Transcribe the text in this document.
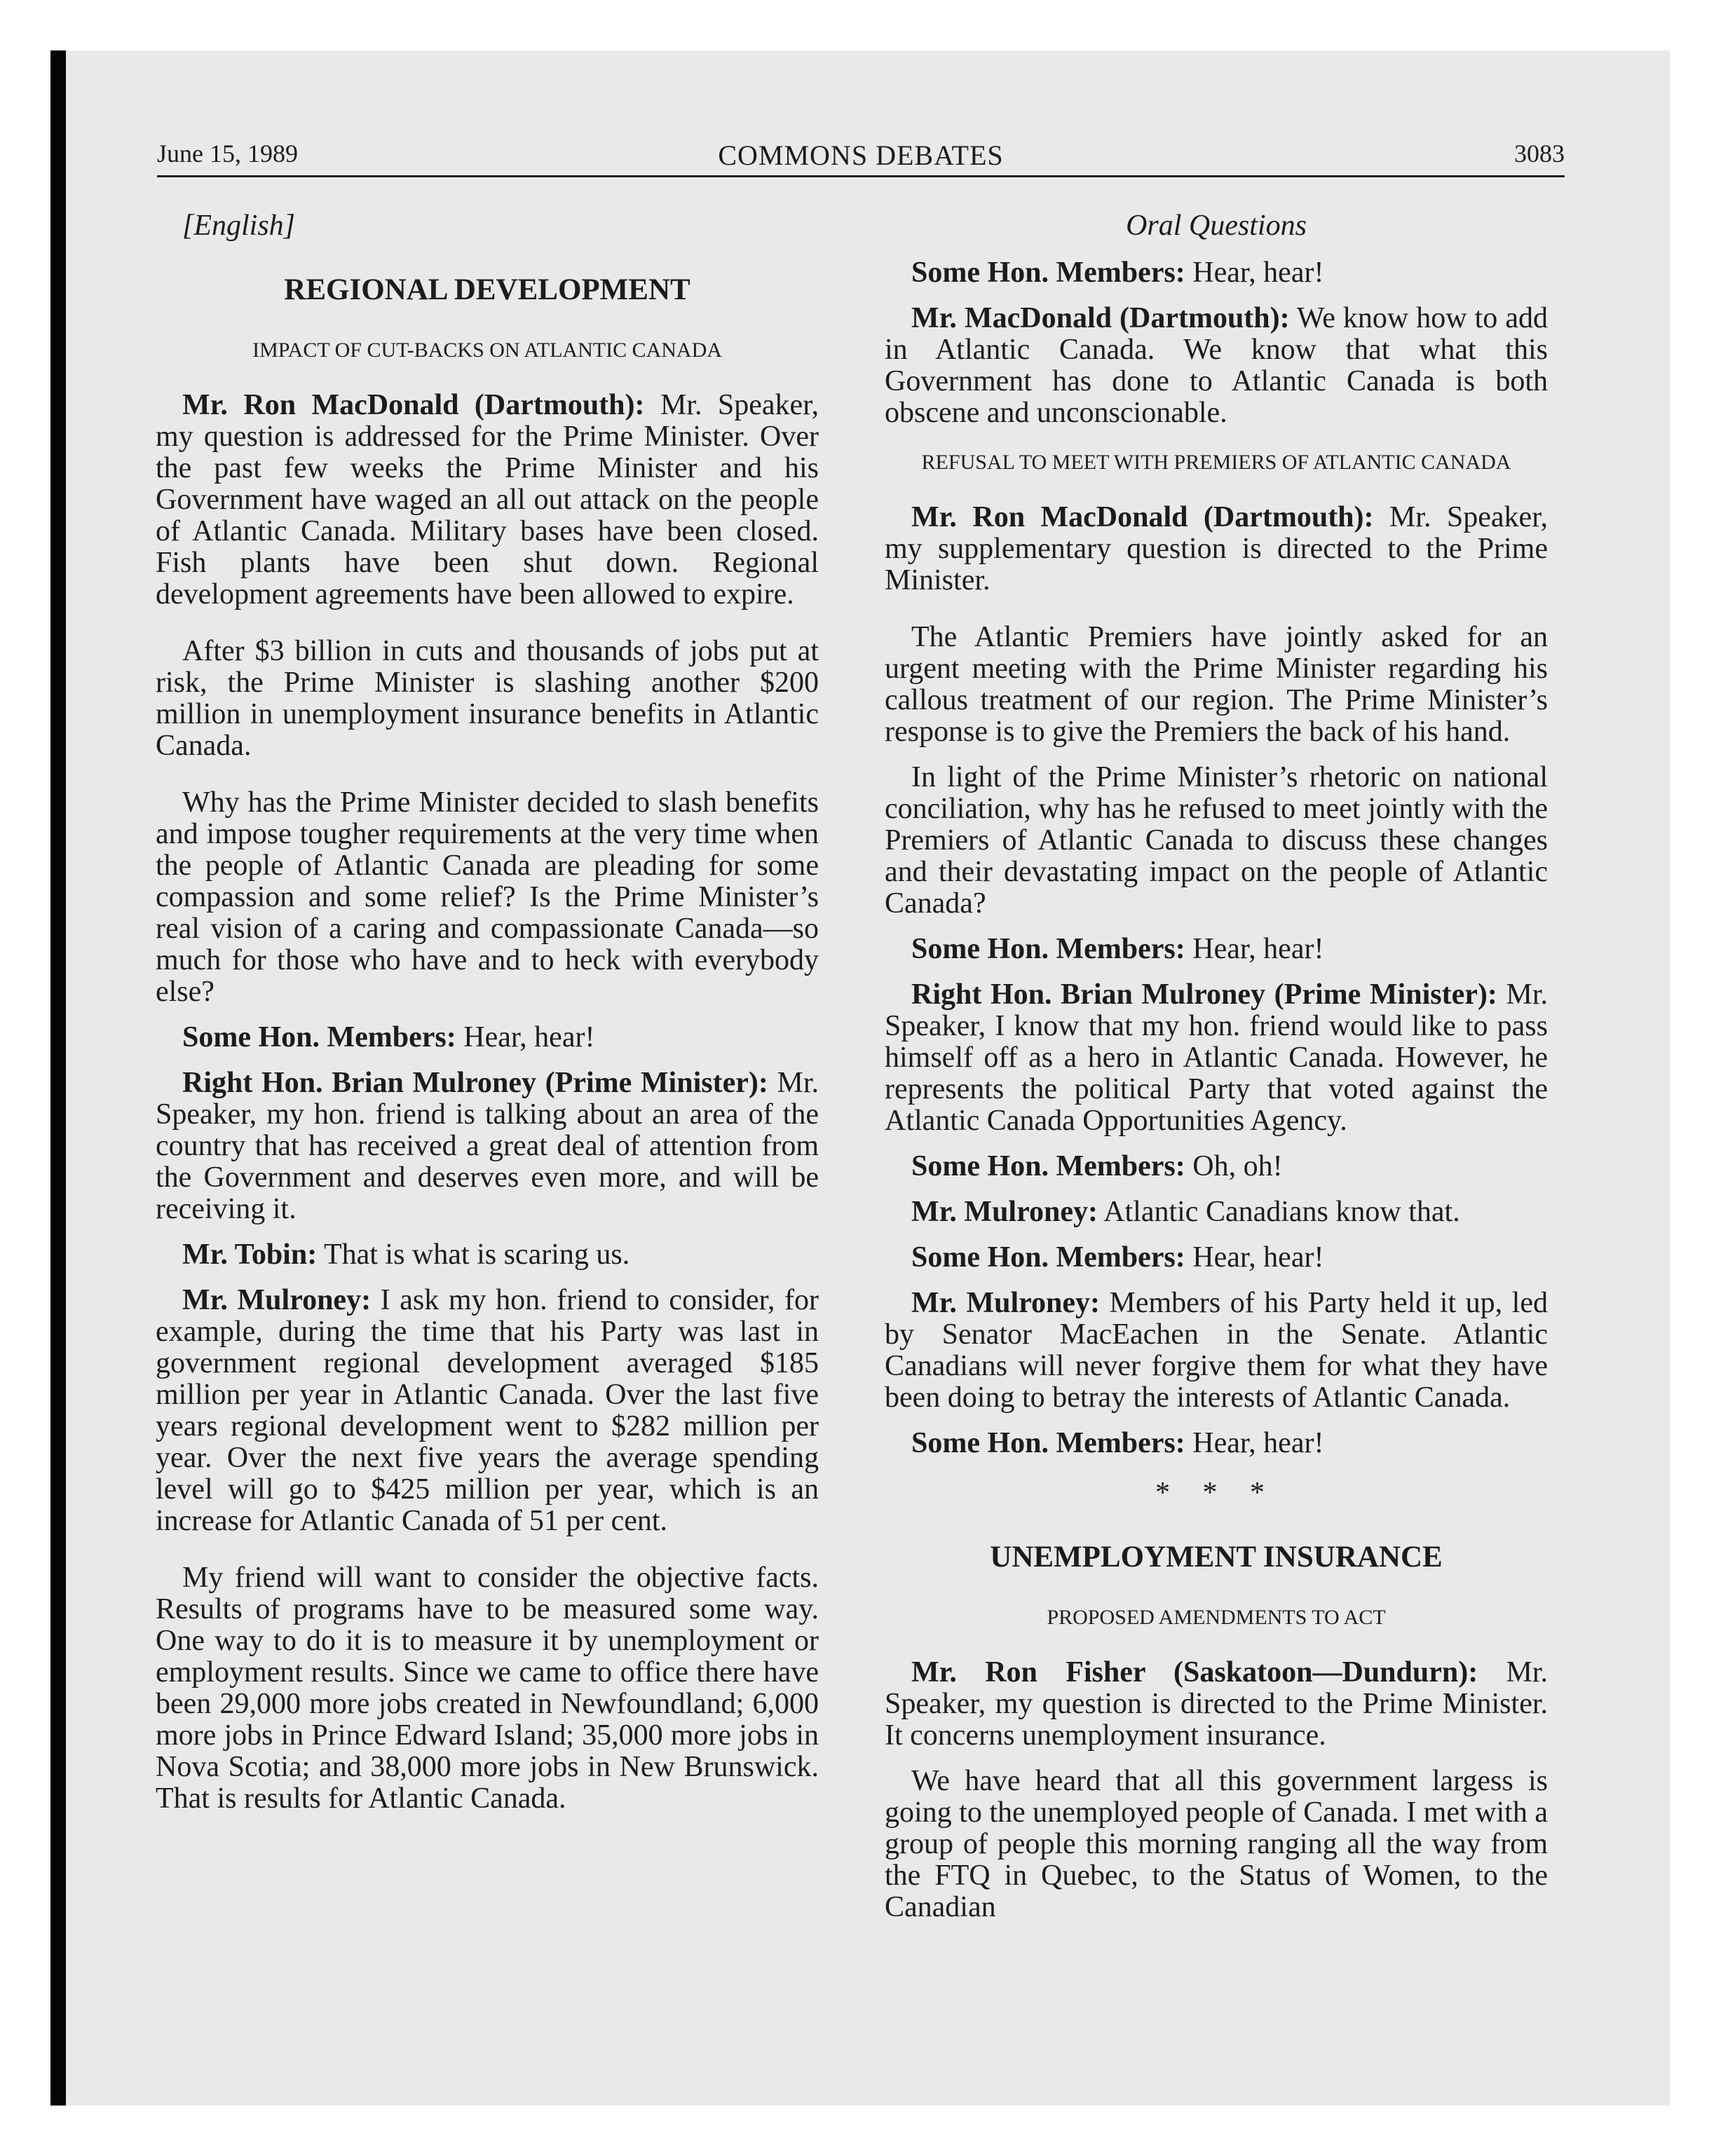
June 15, 1989	COMMONS DEBATES	3083

[English]

REGIONAL DEVELOPMENT
IMPACT OF CUT-BACKS ON ATLANTIC CANADA

Mr. Ron MacDonald (Dartmouth): Mr. Speaker, my question is addressed for the Prime Minister. Over the past few weeks the Prime Minister and his Government have waged an all out attack on the people of Atlantic Canada. Military bases have been closed. Fish plants have been shut down. Regional development agreements have been allowed to expire.

After $3 billion in cuts and thousands of jobs put at risk, the Prime Minister is slashing another $200 million in unemployment insurance benefits in Atlantic Canada.

Why has the Prime Minister decided to slash benefits and impose tougher requirements at the very time when the people of Atlantic Canada are pleading for some compassion and some relief? Is the Prime Minister’s real vision of a caring and compassionate Canada—so much for those who have and to heck with everybody else?

Some Hon. Members: Hear, hear!

Right Hon. Brian Mulroney (Prime Minister): Mr. Speaker, my hon. friend is talking about an area of the country that has received a great deal of attention from the Government and deserves even more, and will be receiving it.

Mr. Tobin: That is what is scaring us.

Mr. Mulroney: I ask my hon. friend to consider, for example, during the time that his Party was last in government regional development averaged $185 million per year in Atlantic Canada. Over the last five years regional development went to $282 million per year. Over the next five years the average spending level will go to $425 million per year, which is an increase for Atlantic Canada of 51 per cent.

My friend will want to consider the objective facts. Results of programs have to be measured some way. One way to do it is to measure it by unemployment or employment results. Since we came to office there have been 29,000 more jobs created in Newfoundland; 6,000 more jobs in Prince Edward Island; 35,000 more jobs in Nova Scotia; and 38,000 more jobs in New Brunswick. That is results for Atlantic Canada.

Oral Questions

Some Hon. Members: Hear, hear!

Mr. MacDonald (Dartmouth): We know how to add in Atlantic Canada. We know that what this Government has done to Atlantic Canada is both obscene and unconscionable.

REFUSAL TO MEET WITH PREMIERS OF ATLANTIC CANADA

Mr. Ron MacDonald (Dartmouth): Mr. Speaker, my supplementary question is directed to the Prime Minister.

The Atlantic Premiers have jointly asked for an urgent meeting with the Prime Minister regarding his callous treatment of our region. The Prime Minister’s response is to give the Premiers the back of his hand.

In light of the Prime Minister’s rhetoric on national conciliation, why has he refused to meet jointly with the Premiers of Atlantic Canada to discuss these changes and their devastating impact on the people of Atlantic Canada?

Some Hon. Members: Hear, hear!

Right Hon. Brian Mulroney (Prime Minister): Mr. Speaker, I know that my hon. friend would like to pass himself off as a hero in Atlantic Canada. However, he represents the political Party that voted against the Atlantic Canada Opportunities Agency.

Some Hon. Members: Oh, oh!

Mr. Mulroney: Atlantic Canadians know that.

Some Hon. Members: Hear, hear!

Mr. Mulroney: Members of his Party held it up, led by Senator MacEachen in the Senate. Atlantic Canadians will never forgive them for what they have been doing to betray the interests of Atlantic Canada.

Some Hon. Members: Hear, hear!

* * *
UNEMPLOYMENT INSURANCE
PROPOSED AMENDMENTS TO ACT

Mr. Ron Fisher (Saskatoon—Dundurn): Mr. Speaker, my question is directed to the Prime Minister. It concerns unemployment insurance.

We have heard that all this government largess is going to the unemployed people of Canada. I met with a group of people this morning ranging all the way from the FTQ in Quebec, to the Status of Women, to the Canadian
